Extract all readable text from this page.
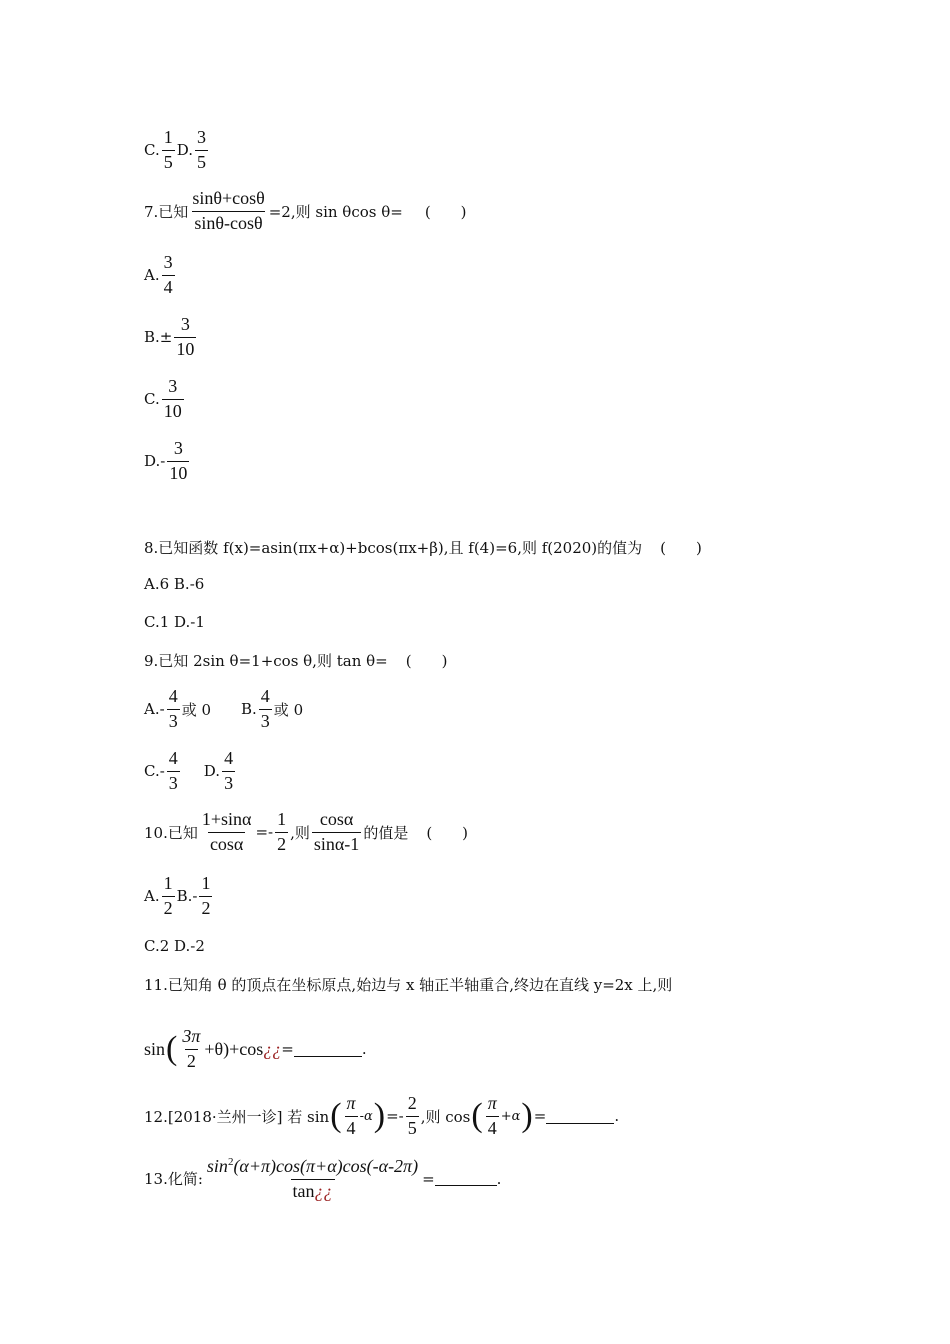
C. $\frac{1}{5} D$. $\frac{3}{5}$
7.已知 $\frac{\sin\theta+\cos\theta}{\sin\theta-\cos\theta} =2$,则 sin θcos θ= (　　)
A. $\frac{3}{4}$
B. ± $\frac{3}{10}$
C. $\frac{3}{10}$
D. - $\frac{3}{10}$
8.已知函数 f(x)=asin(πx+α)+bcos(πx+β),且 f(4)=6,则 f(2020)的值为 (　　)
A.6 B.-6
C.1 D.-1
9.已知 2sin θ=1+cos θ,则 tan θ= (　　)
A. - $\frac{4}{3}$ 或 0 B. $\frac{4}{3}$ 或 0
C. - $\frac{4}{3} D$. $\frac{4}{3}$
10.已知 $\frac{1+\sin\alpha}{\cos\alpha} =- \frac{1}{2}$ ,则 $\frac{\cos\alpha}{\sin\alpha-1}$ 的值是 (　　)
A. $\frac{1}{2} B$. - $\frac{1}{2}$
C.2 D.-2
11.已知角 θ 的顶点在坐标原点,始边与 x 轴正半轴重合,终边在直线 y=2x 上,则
sin ( $\frac{3\pi}{2} +\theta)+\cos$ ¿¿ =	.
12.[2018·兰州一诊] 若 sin ( $\frac{\pi}{4} -\alpha$ ) =- $\frac{2}{5}$ ,则 cos ( $\frac{\pi}{4} +\alpha$ ) =	.
13.化简: $\frac{\sin^2(\alpha+\pi)\cos(\pi+\alpha)\cos(-\alpha-2\pi)}{\tan¿¿}$ =	.
